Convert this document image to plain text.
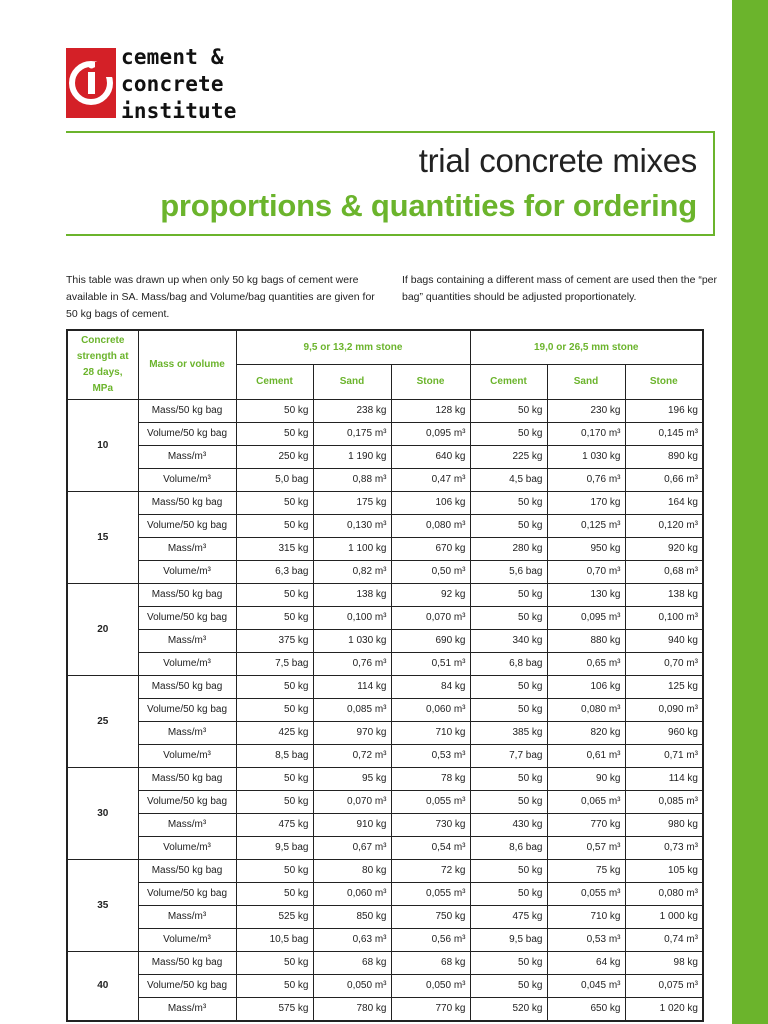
cement &
concrete
institute
trial concrete mixes
proportions & quantities for ordering
This table was drawn up when only 50 kg bags of cement were available in SA. Mass/bag and Volume/bag quantities are given for 50 kg bags of cement.
If bags containing a different mass of cement are used then the “per bag” quantities should be adjusted proportionately.
Concrete strength at 28 days, MPa	Mass or volume	9,5 or 13,2 mm stone			19,0 or 26,5 mm stone		
		Cement	Sand	Stone	Cement	Sand	Stone
10	Mass/50 kg bag	50 kg	238 kg	128 kg	50 kg	230 kg	196 kg
	Volume/50 kg bag	50 kg	0,175 m³	0,095 m³	50 kg	0,170 m³	0,145 m³
	Mass/m³	250 kg	1 190 kg	640 kg	225 kg	1 030 kg	890 kg
	Volume/m³	5,0 bag	0,88 m³	0,47 m³	4,5 bag	0,76 m³	0,66 m³
15	Mass/50 kg bag	50 kg	175 kg	106 kg	50 kg	170 kg	164 kg
	Volume/50 kg bag	50 kg	0,130 m³	0,080 m³	50 kg	0,125 m³	0,120 m³
	Mass/m³	315 kg	1 100 kg	670 kg	280 kg	950 kg	920 kg
	Volume/m³	6,3 bag	0,82 m³	0,50 m³	5,6 bag	0,70 m³	0,68 m³
20	Mass/50 kg bag	50 kg	138 kg	92 kg	50 kg	130 kg	138 kg
	Volume/50 kg bag	50 kg	0,100 m³	0,070 m³	50 kg	0,095 m³	0,100 m³
	Mass/m³	375 kg	1 030 kg	690 kg	340 kg	880 kg	940 kg
	Volume/m³	7,5 bag	0,76 m³	0,51 m³	6,8 bag	0,65 m³	0,70 m³
25	Mass/50 kg bag	50 kg	114 kg	84 kg	50 kg	106 kg	125 kg
	Volume/50 kg bag	50 kg	0,085 m³	0,060 m³	50 kg	0,080 m³	0,090 m³
	Mass/m³	425 kg	970 kg	710 kg	385 kg	820 kg	960 kg
	Volume/m³	8,5 bag	0,72 m³	0,53 m³	7,7 bag	0,61 m³	0,71 m³
30	Mass/50 kg bag	50 kg	95 kg	78 kg	50 kg	90 kg	114 kg
	Volume/50 kg bag	50 kg	0,070 m³	0,055 m³	50 kg	0,065 m³	0,085 m³
	Mass/m³	475 kg	910 kg	730 kg	430 kg	770 kg	980 kg
	Volume/m³	9,5 bag	0,67 m³	0,54 m³	8,6 bag	0,57 m³	0,73 m³
35	Mass/50 kg bag	50 kg	80 kg	72 kg	50 kg	75 kg	105 kg
	Volume/50 kg bag	50 kg	0,060 m³	0,055 m³	50 kg	0,055 m³	0,080 m³
	Mass/m³	525 kg	850 kg	750 kg	475 kg	710 kg	1 000 kg
	Volume/m³	10,5 bag	0,63 m³	0,56 m³	9,5 bag	0,53 m³	0,74 m³
40	Mass/50 kg bag	50 kg	68 kg	68 kg	50 kg	64 kg	98 kg
	Volume/50 kg bag	50 kg	0,050 m³	0,050 m³	50 kg	0,045 m³	0,075 m³
	Mass/m³	575 kg	780 kg	770 kg	520 kg	650 kg	1 020 kg
